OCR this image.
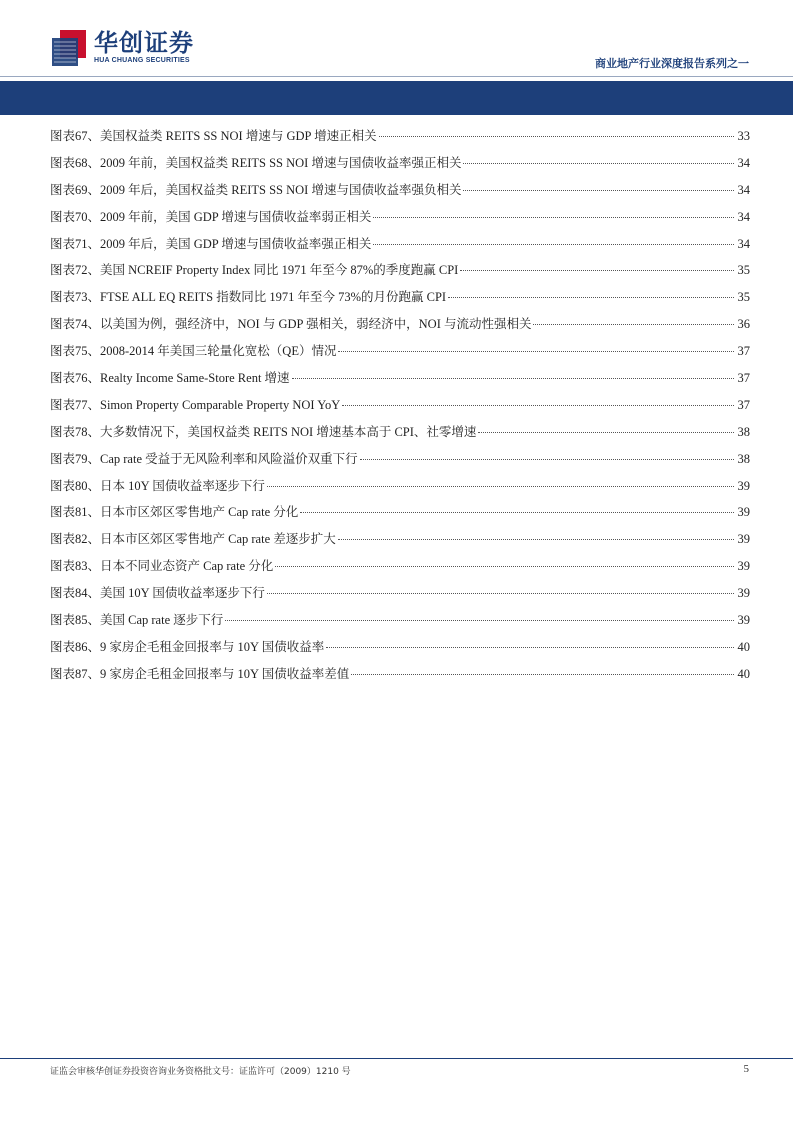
华创证券
HUA CHUANG SECURITIES	商业地产行业深度报告系列之一
图表67、美国权益类 REITS SS NOI 增速与 GDP 增速正相关	33
图表68、2009 年前，美国权益类 REITS SS NOI 增速与国债收益率强正相关	34
图表69、2009 年后，美国权益类 REITS SS NOI 增速与国债收益率强负相关	34
图表70、2009 年前，美国 GDP 增速与国债收益率弱正相关	34
图表71、2009 年后，美国 GDP 增速与国债收益率强正相关	34
图表72、美国 NCREIF Property Index 同比 1971 年至今 87%的季度跑赢 CPI	35
图表73、FTSE ALL EQ REITS 指数同比 1971 年至今 73%的月份跑赢 CPI	35
图表74、以美国为例，强经济中，NOI 与 GDP 强相关，弱经济中，NOI 与流动性强相关	36
图表75、2008-2014 年美国三轮量化宽松（QE）情况	37
图表76、Realty Income Same-Store Rent 增速	37
图表77、Simon Property Comparable Property NOI YoY	37
图表78、大多数情况下，美国权益类 REITS NOI 增速基本高于 CPI、社零增速	38
图表79、Cap rate 受益于无风险利率和风险溢价双重下行	38
图表80、日本 10Y 国债收益率逐步下行	39
图表81、日本市区郊区零售地产 Cap rate 分化	39
图表82、日本市区郊区零售地产 Cap rate 差逐步扩大	39
图表83、日本不同业态资产 Cap rate 分化	39
图表84、美国 10Y 国债收益率逐步下行	39
图表85、美国 Cap rate 逐步下行	39
图表86、9 家房企毛租金回报率与 10Y 国债收益率	40
图表87、9 家房企毛租金回报率与 10Y 国债收益率差值	40
证监会审核华创证券投资咨询业务资格批文号：证监许可（2009）1210 号	5
